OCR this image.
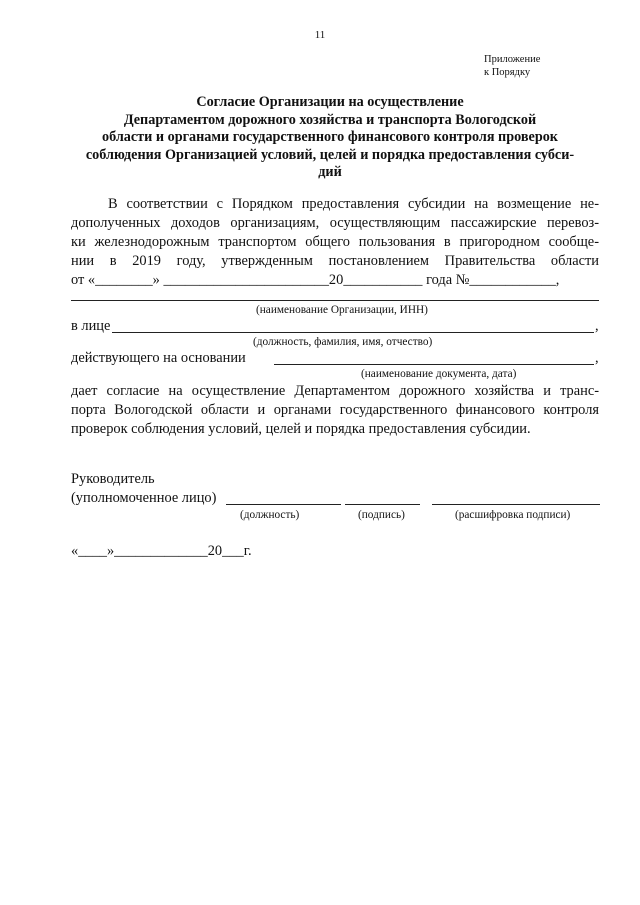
11
Приложение
к Порядку
Согласие Организации на осуществление
Департаментом дорожного хозяйства и транспорта Вологодской
области и органами государственного финансового контроля проверок
соблюдения Организацией условий, целей и порядка предоставления субси-
дий
В соответствии с Порядком предоставления субсидии на возмещение не-
дополученных доходов организациям, осуществляющим пассажирские перевоз-
ки железнодорожным транспортом общего пользования в пригородном сообще-
нии в 2019 году, утвержденным постановлением Правительства области
от «________» _______________________20___________ года №____________,
(наименование Организации, ИНН)
в лице	,
(должность, фамилия, имя, отчество)
действующего на основании	,
(наименование документа, дата)
дает согласие на осуществление Департаментом дорожного хозяйства и транс-
порта Вологодской области и органами государственного финансового контроля
проверок соблюдения условий, целей и порядка предоставления субсидии.
Руководитель
(уполномоченное лицо)
(должность)	(подпись)	(расшифровка подписи)
«____»_____________20___г.
